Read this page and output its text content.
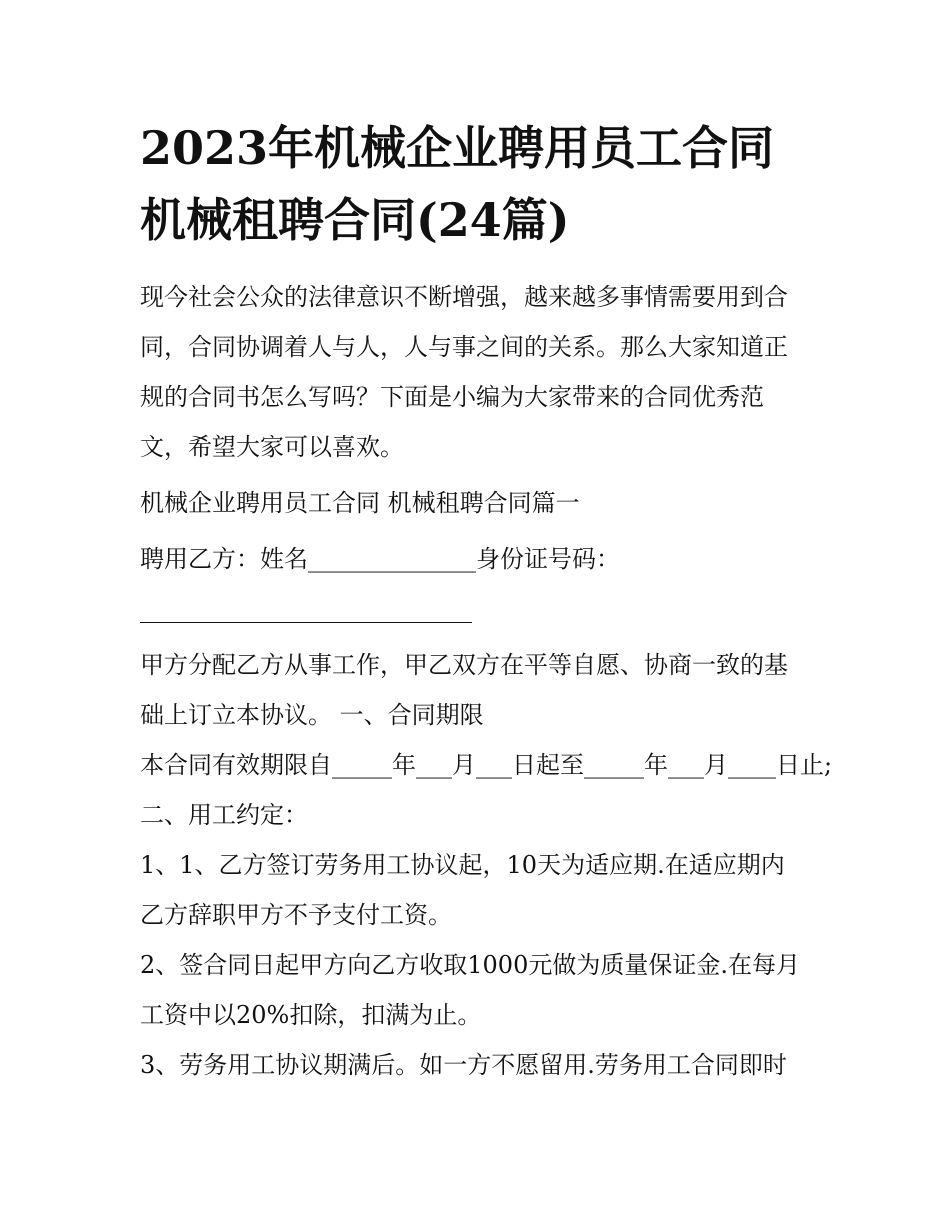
2023年机械企业聘用员工合同
机械租聘合同(24篇)

现今社会公众的法律意识不断增强，越来越多事情需要用到合
同，合同协调着人与人，人与事之间的关系。那么大家知道正
规的合同书怎么写吗？下面是小编为大家带来的合同优秀范
文，希望大家可以喜欢。

机械企业聘用员工合同 机械租聘合同篇一

聘用乙方：姓名______________身份证号码：

甲方分配乙方从事工作，甲乙双方在平等自愿、协商一致的基
础上订立本协议。 一、合同期限
本合同有效期限自_____年___月___日起至_____年___月____日止;
二、用工约定：
1、1、乙方签订劳务用工协议起，10天为适应期.在适应期内
乙方辞职甲方不予支付工资。
2、签合同日起甲方向乙方收取1000元做为质量保证金.在每月
工资中以20%扣除，扣满为止。
3、劳务用工协议期满后。如一方不愿留用.劳务用工合同即时
